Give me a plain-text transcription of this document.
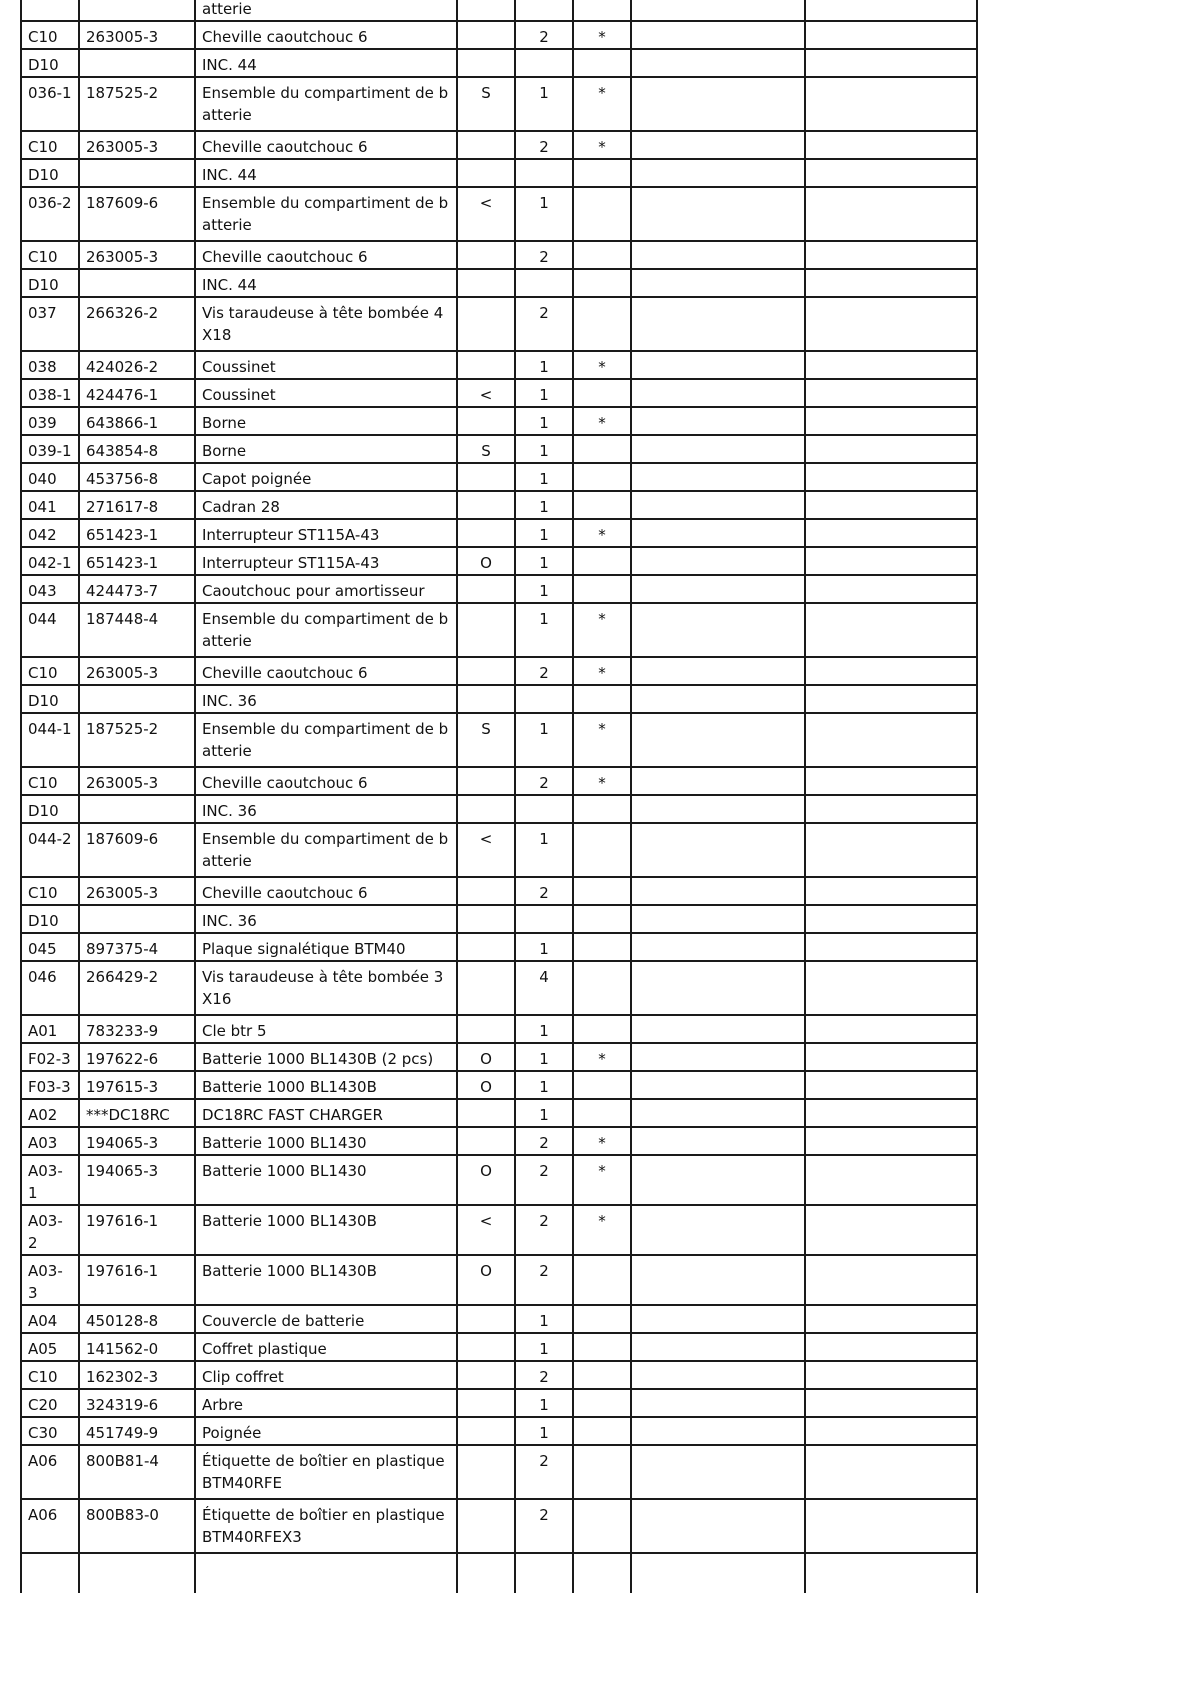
		atterie					
C10	263005-3	Cheville caoutchouc 6		2	*		
D10		INC. 44					
036-1	187525-2	Ensemble du compartiment de batterie	S	1	*		
C10	263005-3	Cheville caoutchouc 6		2	*		
D10		INC. 44					
036-2	187609-6	Ensemble du compartiment de batterie	<	1			
C10	263005-3	Cheville caoutchouc 6		2			
D10		INC. 44					
037	266326-2	Vis taraudeuse à tête bombée 4X18		2			
038	424026-2	Coussinet		1	*		
038-1	424476-1	Coussinet	<	1			
039	643866-1	Borne		1	*		
039-1	643854-8	Borne	S	1			
040	453756-8	Capot poignée		1			
041	271617-8	Cadran 28		1			
042	651423-1	Interrupteur ST115A-43		1	*		
042-1	651423-1	Interrupteur ST115A-43	O	1			
043	424473-7	Caoutchouc pour amortisseur		1			
044	187448-4	Ensemble du compartiment de batterie		1	*		
C10	263005-3	Cheville caoutchouc 6		2	*		
D10		INC. 36					
044-1	187525-2	Ensemble du compartiment de batterie	S	1	*		
C10	263005-3	Cheville caoutchouc 6		2	*		
D10		INC. 36					
044-2	187609-6	Ensemble du compartiment de batterie	<	1			
C10	263005-3	Cheville caoutchouc 6		2			
D10		INC. 36					
045	897375-4	Plaque signalétique BTM40		1			
046	266429-2	Vis taraudeuse à tête bombée 3X16		4			
A01	783233-9	Cle btr 5		1			
F02-3	197622-6	Batterie 1000 BL1430B (2 pcs)	O	1	*		
F03-3	197615-3	Batterie 1000 BL1430B	O	1			
A02	***DC18RC	DC18RC FAST CHARGER		1			
A03	194065-3	Batterie 1000 BL1430		2	*		
A03-1	194065-3	Batterie 1000 BL1430	O	2	*		
A03-2	197616-1	Batterie 1000 BL1430B	<	2	*		
A03-3	197616-1	Batterie 1000 BL1430B	O	2			
A04	450128-8	Couvercle de batterie		1			
A05	141562-0	Coffret plastique		1			
C10	162302-3	Clip coffret		2			
C20	324319-6	Arbre		1			
C30	451749-9	Poignée		1			
A06	800B81-4	Étiquette de boîtier en plastique BTM40RFE		2			
A06	800B83-0	Étiquette de boîtier en plastique BTM40RFEX3		2			
